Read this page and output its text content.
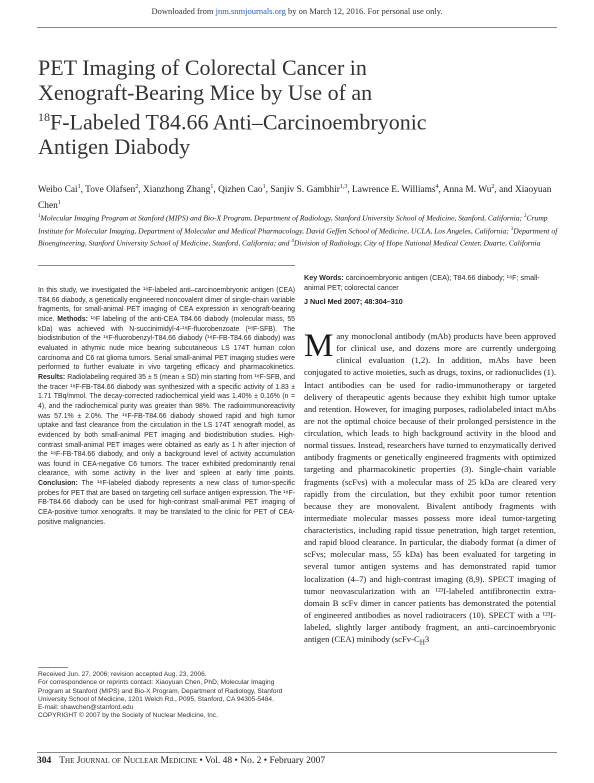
Downloaded from jnm.snmjournals.org by on March 12, 2016. For personal use only.
PET Imaging of Colorectal Cancer in
Xenograft-Bearing Mice by Use of an
$^{18}$F-Labeled T84.66 Anti–Carcinoembryonic
Antigen Diabody
Weibo Cai$^1$, Tove Olafsen$^2$, Xianzhong Zhang$^1$, Qizhen Cao$^1$, Sanjiv S. Gambhir$^{1,3}$, Lawrence E. Williams$^4$, Anna M. Wu$^2$, and Xiaoyuan Chen$^1$
$^1$Molecular Imaging Program at Stanford (MIPS) and Bio-X Program, Department of Radiology, Stanford University School of Medicine, Stanford, California; $^2$Crump Institute for Molecular Imaging, Department of Molecular and Medical Pharmacology, David Geffen School of Medicine, UCLA, Los Angeles, California; $^3$Department of Bioengineering, Stanford University School of Medicine, Stanford, California; and $^4$Division of Radiology, City of Hope National Medical Center, Duarte, California
In this study, we investigated the ¹⁸F-labeled anti–carcinoembryonic antigen (CEA) T84.66 diabody, a genetically engineered noncovalent dimer of single-chain variable fragments, for small-animal PET imaging of CEA expression in xenograft-bearing mice. Methods: ¹⁸F labeling of the anti-CEA T84.66 diabody (molecular mass, 55 kDa) was achieved with N-succinimidyl-4-¹⁸F-fluorobenzoate (¹⁸F-SFB). The biodistribution of the ¹⁸F-fluorobenzyl-T84.66 diabody (¹⁸F-FB-T84.66 diabody) was evaluated in athymic nude mice bearing subcutaneous LS 174T human colon carcinoma and C6 rat glioma tumors. Serial small-animal PET imaging studies were performed to further evaluate in vivo targeting efficacy and pharmacokinetics. Results: Radiolabeling required 35 ± 5 (mean ± SD) min starting from ¹⁸F-SFB, and the tracer ¹⁸F-FB-T84.66 diabody was synthesized with a specific activity of 1.83 ± 1.71 TBq/mmol. The decay-corrected radiochemical yield was 1.40% ± 0.16% (n = 4), and the radiochemical purity was greater than 98%. The radioimmunoreactivity was 57.1% ± 2.0%. The ¹⁸F-FB-T84.66 diabody showed rapid and high tumor uptake and fast clearance from the circulation in the LS 174T xenograft model, as evidenced by both small-animal PET imaging and biodistribution studies. High-contrast small-animal PET images were obtained as early as 1 h after injection of the ¹⁸F-FB-T84.66 diabody, and only a background level of activity accumulation was found in CEA-negative C6 tumors. The tracer exhibited predominantly renal clearance, with some activity in the liver and spleen at early time points. Conclusion: The ¹⁸F-labeled diabody represents a new class of tumor-specific probes for PET that are based on targeting cell surface antigen expression. The ¹⁸F-FB-T84.66 diabody can be used for high-contrast small-animal PET imaging of CEA-positive tumor xenografts. It may be translated to the clinic for PET of CEA-positive malignancies.
Key Words: carcinoembryonic antigen (CEA); T84.66 diabody; ¹⁸F; small-animal PET; colorectal cancer
J Nucl Med 2007; 48:304–310
Many monoclonal antibody (mAb) products have been approved for clinical use, and dozens more are currently undergoing clinical evaluation (1,2). In addition, mAbs have been conjugated to active moieties, such as drugs, toxins, or radionuclides (1). Intact antibodies can be used for radio-immunotherapy or targeted delivery of therapeutic agents because they exhibit high tumor uptake and retention. However, for imaging purposes, radiolabeled intact mAbs are not the optimal choice because of their prolonged persistence in the circulation, which leads to high background activity in the blood and normal tissues. Instead, researchers have turned to enzymatically derived antibody fragments or genetically engineered fragments with optimized targeting and pharmacokinetic properties (3). Single-chain variable fragments (scFvs) with a molecular mass of 25 kDa are cleared very rapidly from the circulation, but they exhibit poor tumor retention because they are monovalent. Bivalent antibody fragments with intermediate molecular masses possess more ideal tumor-targeting characteristics, including rapid tissue penetration, high target retention, and rapid blood clearance. In particular, the diabody format (a dimer of scFvs; molecular mass, 55 kDa) has been evaluated for targeting in several tumor antigen systems and has demonstrated rapid tumor localization (4–7) and high-contrast imaging (8,9). SPECT imaging of tumor neovascularization with an ¹²³I-labeled antifibronectin extra-domain B scFv dimer in cancer patients has demonstrated the potential of engineered antibodies as novel radiotracers (10). SPECT with a ¹²³I-labeled, slightly larger antibody fragment, an anti–carcinoembryonic antigen (CEA) minibody ($scFv-C_H3$

Received Jun. 27, 2006; revision accepted Aug. 23, 2006.

For correspondence or reprints contact: Xiaoyuan Chen, PhD, Molecular Imaging Program at Stanford (MIPS) and Bio-X Program, Department of Radiology, Stanford University School of Medicine, 1201 Welch Rd., P095, Stanford, CA 94305-5484.

E-mail: shawchen@stanford.edu

COPYRIGHT © 2007 by the Society of Nuclear Medicine, Inc.

304 The Journal of Nuclear Medicine • Vol. 48 • No. 2 • February 2007
